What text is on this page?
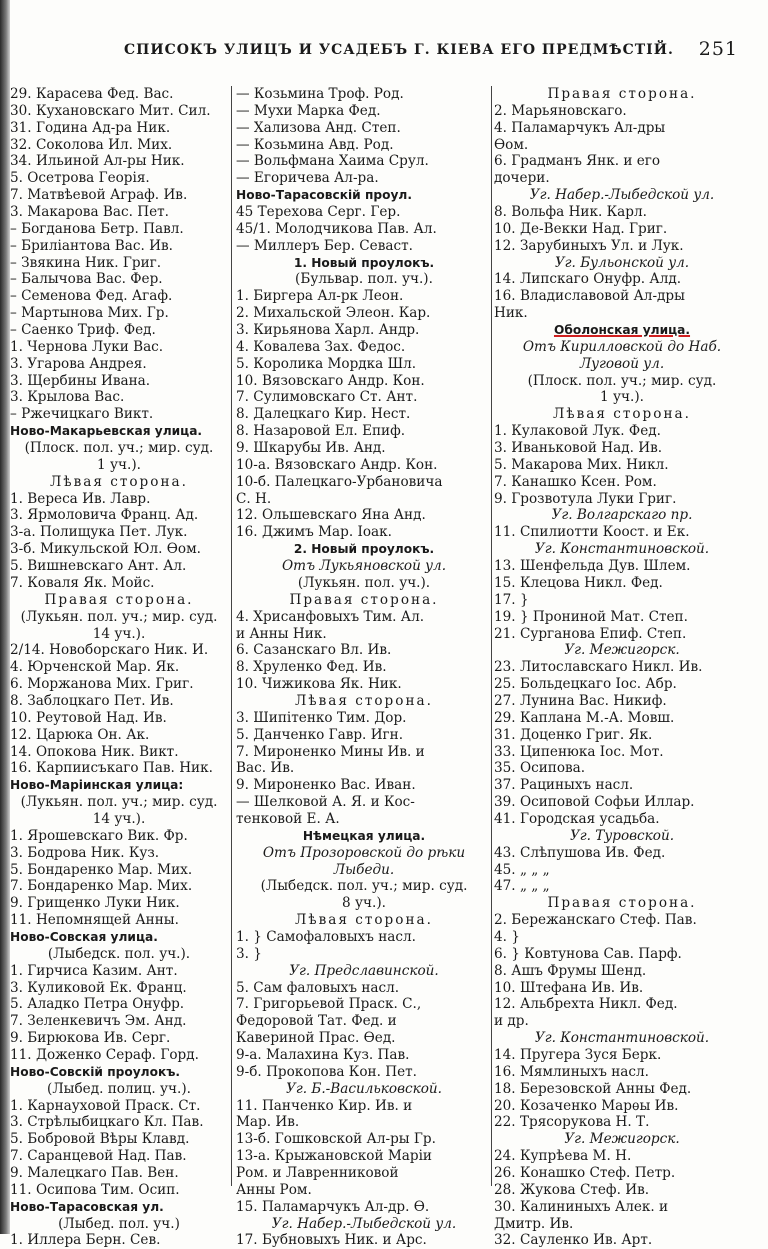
СПИСОКЪ УЛИЦЪ И УСАДЕБЪ Г. КІЕВА ЕГО ПРЕДМѢСТІЙ. 251
29. Карасева Фед. Вас.
30. Кухановскаго Мит. Сил.
31. Година Ад-ра Ник.
32. Соколова Ил. Мих.
34. Ильиной Ал-ры Ник.
5. Осетрова Георія.
7. Матвѣевой Аграф. Ив.
3. Макарова Вас. Пет.
– Богданова Бетр. Павл.
– Бриліантова Вас. Ив.
– Звякина Ник. Григ.
– Балычова Вас. Фер.
– Семенова Фед. Агаф.
– Мартынова Мих. Гр.
– Саенко Триф. Фед.
1. Чернова Луки Вас.
3. Угарова Андрея.
3. Щербины Ивана.
3. Крылова Вас.
– Ржечицкаго Викт.
Ново-Макарьевская улица.
(Плоск. пол. уч.; мир. суд.
1 уч.).
Лѣвая сторона.
1. Вереса Ив. Лавр.
3. Ярмоловича Франц. Ад.
3-а. Полищука Пет. Лук.
3-б. Микульской Юл. Ѳом.
5. Вишневскаго Ант. Ал.
7. Коваля Як. Мойс.
Правая сторона.
(Лукьян. пол. уч.; мир. суд.
14 уч.).
2/14. Новоборскаго Ник. И.
4. Юрченской Мар. Як.
6. Моржанова Мих. Григ.
8. Заблоцкаго Пет. Ив.
10. Реутовой Над. Ив.
12. Царюка Он. Ак.
14. Опокова Ник. Викт.
16. Карпиисъкаго Пав. Ник.
Ново-Маріинская улица:
(Лукьян. пол. уч.; мир. суд.
14 уч.).
1. Ярошевскаго Вик. Фр.
3. Бодрова Ник. Куз.
5. Бондаренко Мар. Мих.
7. Бондаренко Мар. Мих.
9. Грищенко Луки Ник.
11. Непомнящей Анны.
Ново-Совская улица.
(Лыбедск. пол. уч.).
1. Гирчиса Казим. Ант.
3. Куликовой Ек. Франц.
5. Аладко Петра Онуфр.
7. Зеленкевичъ Эм. Анд.
9. Бирюкова Ив. Серг.
11. Доженко Сераф. Горд.
Ново-Совскій проулокъ.
(Лыбед. полиц. уч.).
1. Карнауховой Праск. Ст.
3. Стрѣлыбицкаго Кл. Пав.
5. Бобровой Вѣры Клавд.
7. Саранцевой Над. Пав.
9. Малецкаго Пав. Вен.
11. Осипова Тим. Осип.
Ново-Тарасовская ул.
(Лыбед. пол. уч.)
1. Иллера Берн. Сев.
— Козьмина Троф. Род.
— Мухи Марка Фед.
— Хализова Анд. Степ.
— Козьмина Авд. Род.
— Вольфмана Хаима Срул.
— Егоричева Ал-ра.
Ново-Тарасовскій проул.
45 Терехова Серг. Гер.
45/1. Молодчикова Пав. Ал.
— Миллеръ Бер. Севаст.
1. Новый проулокъ.
(Бульвар. пол. уч.).
1. Биргера Ал-рк Леон.
2. Михальской Элеон. Кар.
3. Кирьянова Харл. Андр.
4. Ковалева Зах. Федос.
5. Королика Мордка Шл.
10. Вязовскаго Андр. Кон.
7. Сулимовскаго Ст. Ант.
8. Далецкаго Кир. Нест.
8. Назаровой Ел. Епиф.
9. Шкарубы Ив. Анд.
10-а. Вязовскаго Андр. Кон.
10-б. Палецкаго-Урбановича
С. Н.
12. Ольшевскаго Яна Анд.
16. Джимъ Мар. Іоак.
2. Новый проулокъ.
Отъ Лукьяновской ул.
(Лукьян. пол. уч.).
Правая сторона.
4. Хрисанфовыхъ Тим. Ал.
и Анны Ник.
6. Сазанскаго Вл. Ив.
8. Хруленко Фед. Ив.
10. Чижикова Як. Ник.
Лѣвая сторона.
3. Шипітенко Тим. Дор.
5. Данченко Гавр. Игн.
7. Мироненко Мины Ив. и
Вас. Ив.
9. Мироненко Вас. Иван.
— Шелковой А. Я. и Кос-
тенковой Е. А.
Нѣмецкая улица.
Отъ Прозоровской до рѣки
Лыбеди.
(Лыбедск. пол. уч.; мир. суд.
8 уч.).
Лѣвая сторона.
1. } Самофаловыхъ насл.
3. }
Уг. Предславинской.
5. Сам фаловыхъ насл.
7. Григорьевой Праск. С.,
Федоровой Тат. Фед. и
Кавериной Прас. Ѳед.
9-а. Малахина Куз. Пав.
9-б. Прокопова Кон. Пет.
Уг. Б.-Васильковской.
11. Панченко Кир. Ив. и
Мар. Ив.
13-б. Гошковской Ал-ры Гр.
13-а. Крыжановской Маріи
Ром. и Лавренниковой
Анны Ром.
15. Паламарчукъ Ал-др. Ѳ.
Уг. Набер.-Лыбедской ул.
17. Бубновыхъ Ник. и Арс.
Правая сторона.
2. Марьяновскаго.
4. Паламарчукъ Ал-дры
Ѳом.
6. Градманъ Янк. и его
дочери.
Уг. Набер.-Лыбедской ул.
8. Вольфа Ник. Карл.
10. Де-Векки Над. Григ.
12. Зарубиныхъ Ул. и Лук.
Уг. Бульонской ул.
14. Липскаго Онуфр. Алд.
16. Владиславовой Ал-дры
Ник.
Оболонская улица.
Отъ Кирилловской до Наб.
Луговой ул.
(Плоск. пол. уч.; мир. суд.
1 уч.).
Лѣвая сторона.
1. Кулаковой Лук. Фед.
3. Иваньковой Над. Ив.
5. Макарова Мих. Никл.
7. Канашко Ксен. Ром.
9. Грозвотула Луки Григ.
Уг. Волгарскаго пр.
11. Спилиотти Коост. и Ек.
Уг. Константиновской.
13. Шенфельда Дув. Шлем.
15. Клецова Никл. Фед.
17. }
19. } Прониной Мат. Степ.
21. Сурганова Епиф. Степ.
Уг. Межигорск.
23. Литославскаго Никл. Ив.
25. Больдецкаго Іос. Абр.
27. Лунина Вас. Никиф.
29. Каплана М.-А. Мовш.
31. Доценко Григ. Як.
33. Ципенюка Іос. Мот.
35. Осипова.
37. Рациныхъ насл.
39. Осиповой Софьи Иллар.
41. Городская усадьба.
Уг. Туровской.
43. Слѣпушова Ив. Фед.
45. „ „ „
47. „ „ „
Правая сторона.
2. Бережанскаго Стеф. Пав.
4. }
6. } Ковтунова Сав. Парф.
8. Ашъ Фрумы Шенд.
10. Штефана Ив. Ив.
12. Альбрехта Никл. Фед.
и др.
Уг. Константиновской.
14. Пругера Зуся Берк.
16. Мямлиныхъ насл.
18. Березовской Анны Фед.
20. Козаченко Марѳы Ив.
22. Трясорукова Н. Т.
Уг. Межигорск.
24. Купрѣева М. Н.
26. Конашко Стеф. Петр.
28. Жукова Стеф. Ив.
30. Калининыхъ Алек. и
Дмитр. Ив.
32. Сауленко Ив. Арт.
